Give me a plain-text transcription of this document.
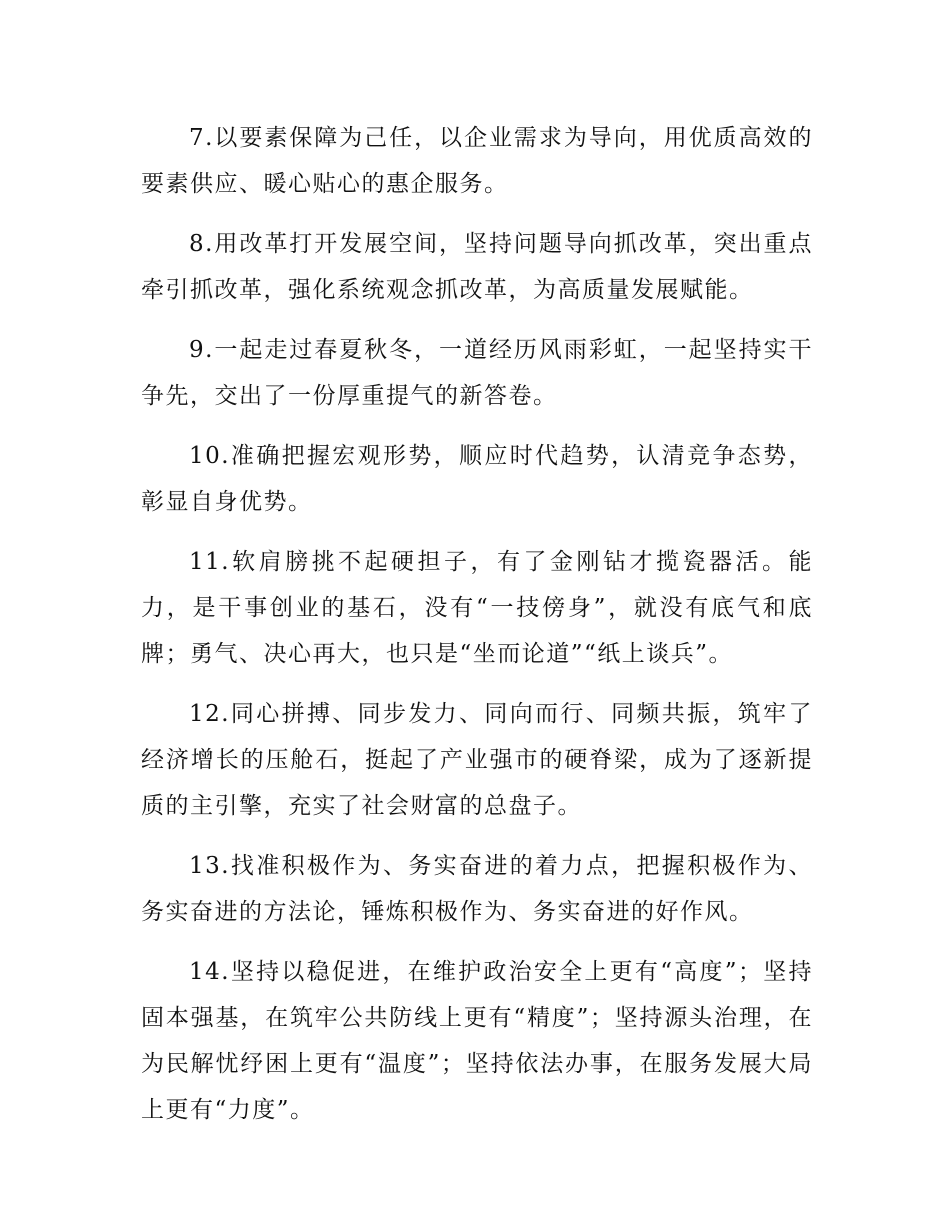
7.以要素保障为己任，以企业需求为导向，用优质高效的要素供应、暖心贴心的惠企服务。

8.用改革打开发展空间，坚持问题导向抓改革，突出重点牵引抓改革，强化系统观念抓改革，为高质量发展赋能。

9.一起走过春夏秋冬，一道经历风雨彩虹，一起坚持实干争先，交出了一份厚重提气的新答卷。

10.准确把握宏观形势，顺应时代趋势，认清竞争态势，彰显自身优势。

11.软肩膀挑不起硬担子，有了金刚钻才揽瓷器活。能力，是干事创业的基石，没有“一技傍身”，就没有底气和底牌；勇气、决心再大，也只是“坐而论道”“纸上谈兵”。

12.同心拼搏、同步发力、同向而行、同频共振，筑牢了经济增长的压舱石，挺起了产业强市的硬脊梁，成为了逐新提质的主引擎，充实了社会财富的总盘子。

13.找准积极作为、务实奋进的着力点，把握积极作为、务实奋进的方法论，锤炼积极作为、务实奋进的好作风。

14.坚持以稳促进，在维护政治安全上更有“高度”；坚持固本强基，在筑牢公共防线上更有“精度”；坚持源头治理，在为民解忧纾困上更有“温度”；坚持依法办事，在服务发展大局上更有“力度”。
